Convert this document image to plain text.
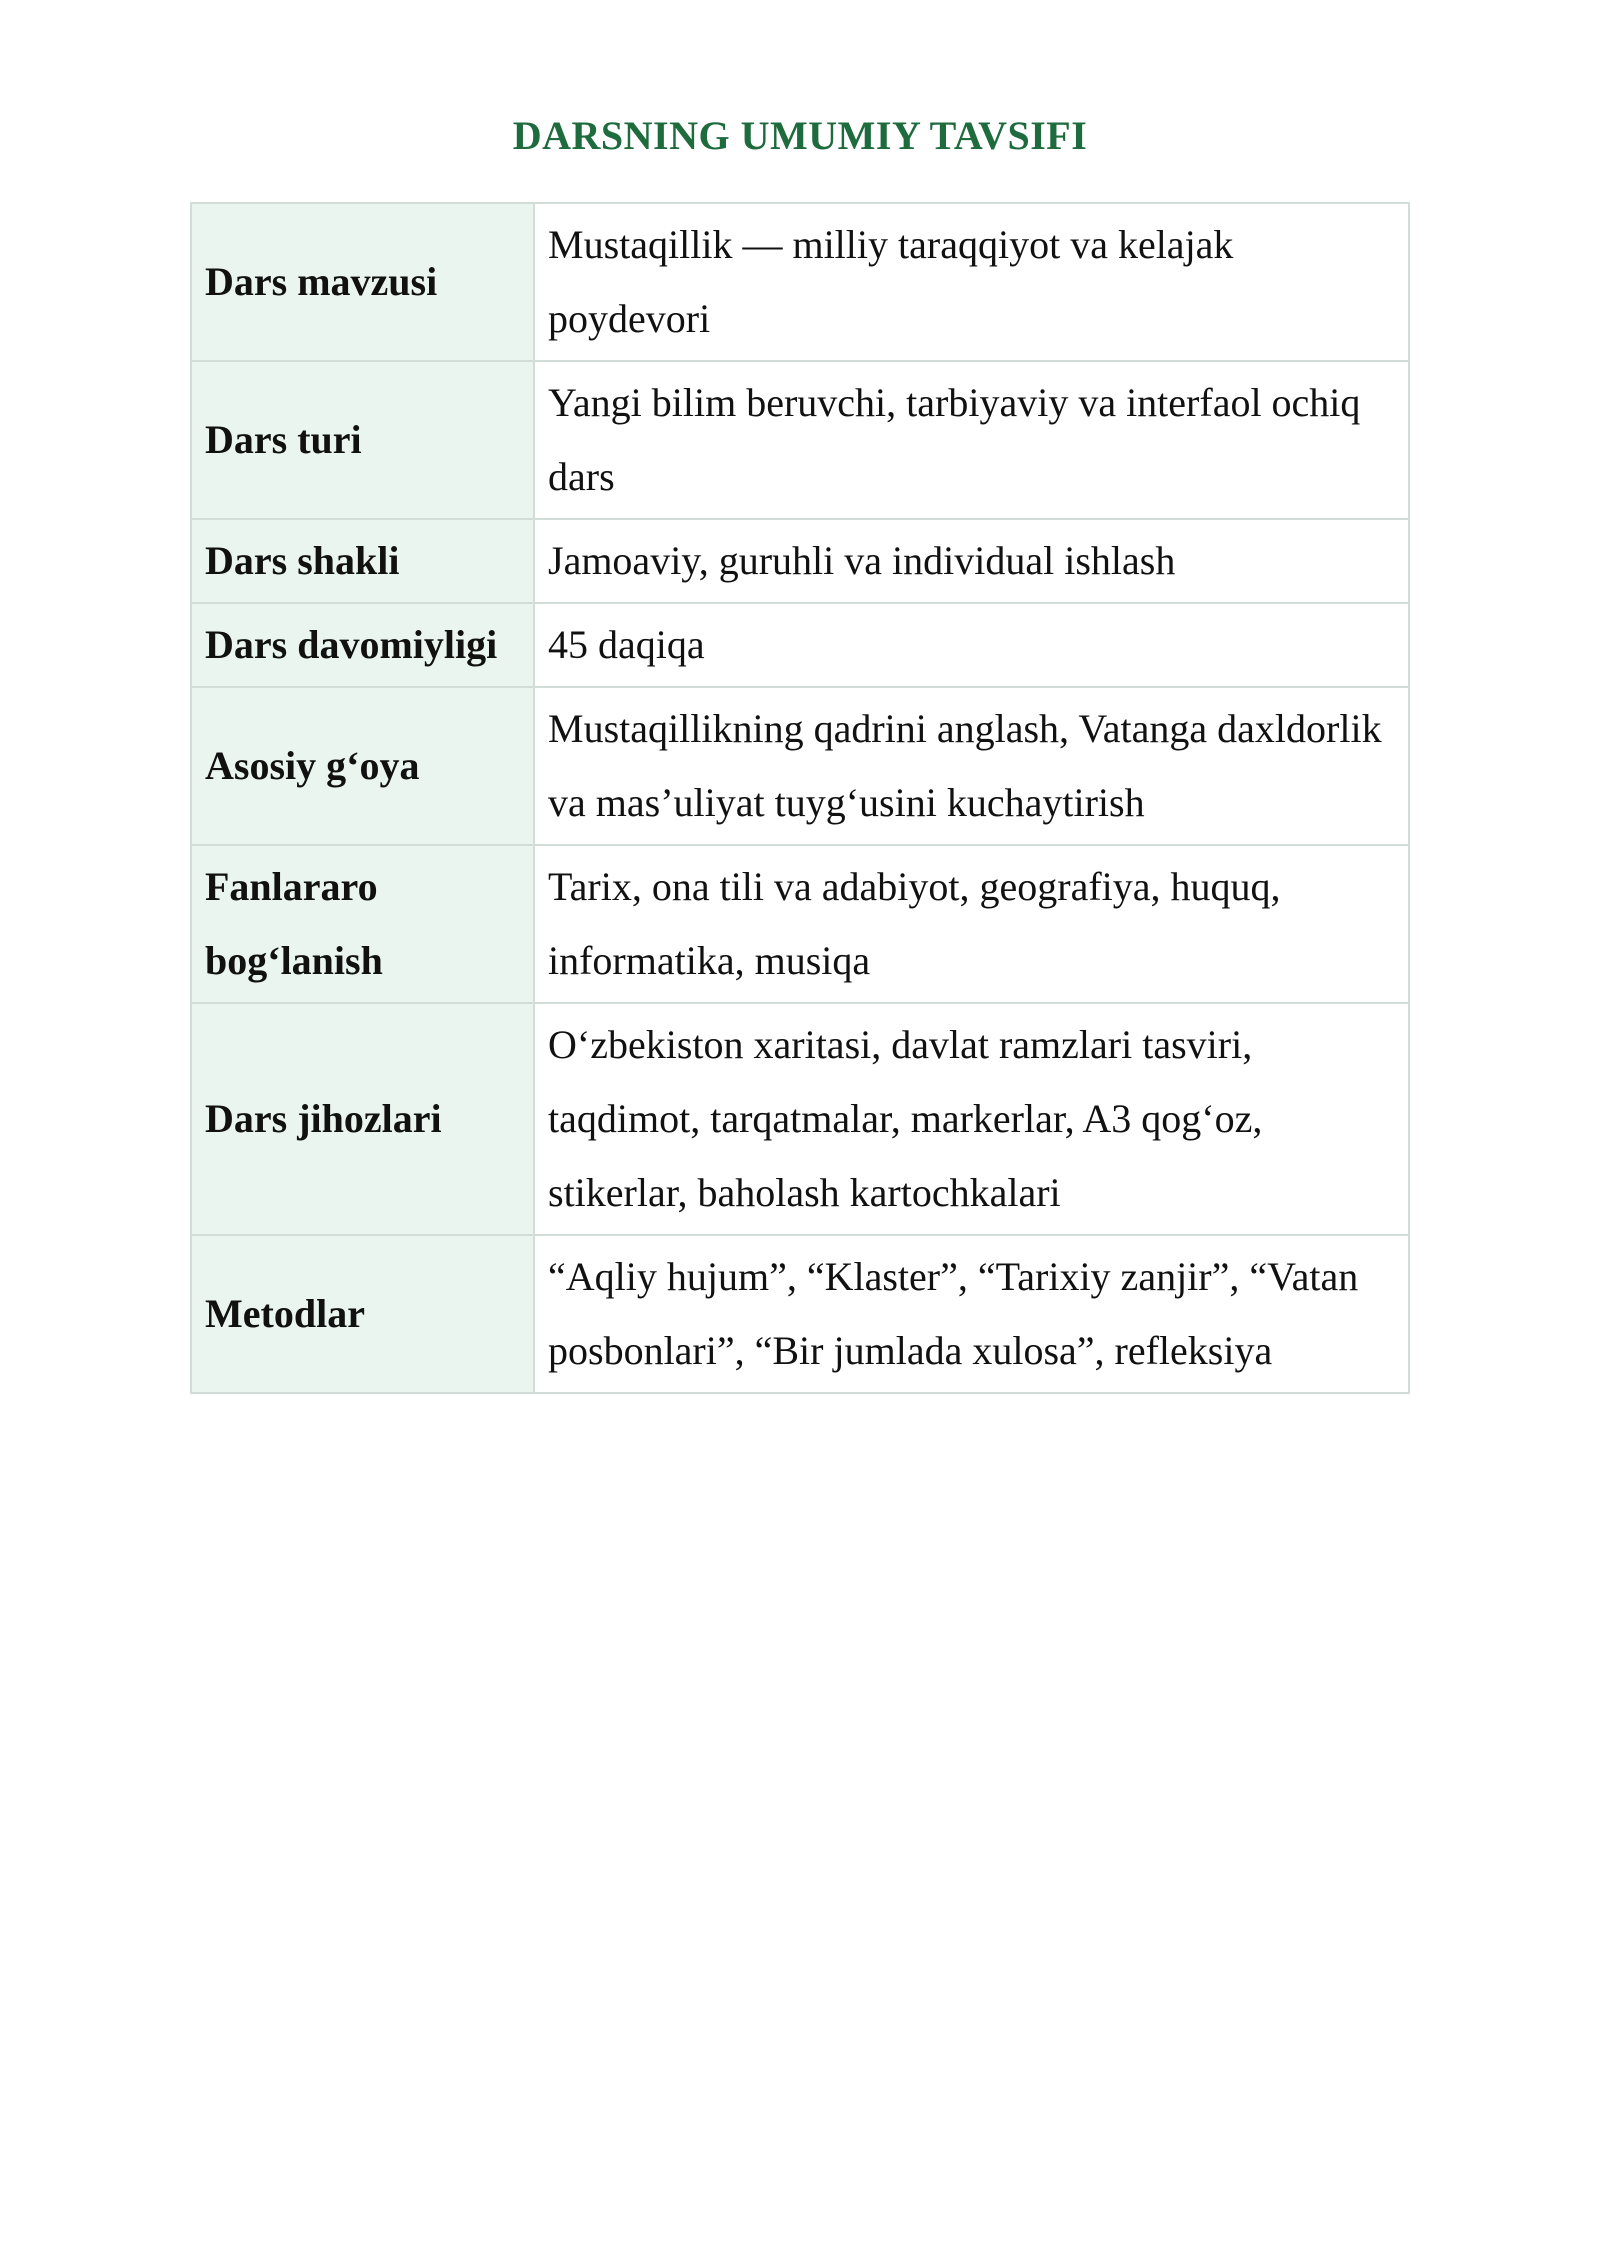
DARSNING UMUMIY TAVSIFI
Dars mavzusi	Mustaqillik — milliy taraqqiyot va kelajak poydevori
Dars turi	Yangi bilim beruvchi, tarbiyaviy va interfaol ochiq dars
Dars shakli	Jamoaviy, guruhli va individual ishlash
Dars davomiyligi	45 daqiqa
Asosiy g‘oya	Mustaqillikning qadrini anglash, Vatanga daxldorlik va mas’uliyat tuyg‘usini kuchaytirish
Fanlararo bog‘lanish	Tarix, ona tili va adabiyot, geografiya, huquq, informatika, musiqa
Dars jihozlari	O‘zbekiston xaritasi, davlat ramzlari tasviri, taqdimot, tarqatmalar, markerlar, A3 qog‘oz, stikerlar, baholash kartochkalari
Metodlar	“Aqliy hujum”, “Klaster”, “Tarixiy zanjir”, “Vatan posbonlari”, “Bir jumlada xulosa”, refleksiya
